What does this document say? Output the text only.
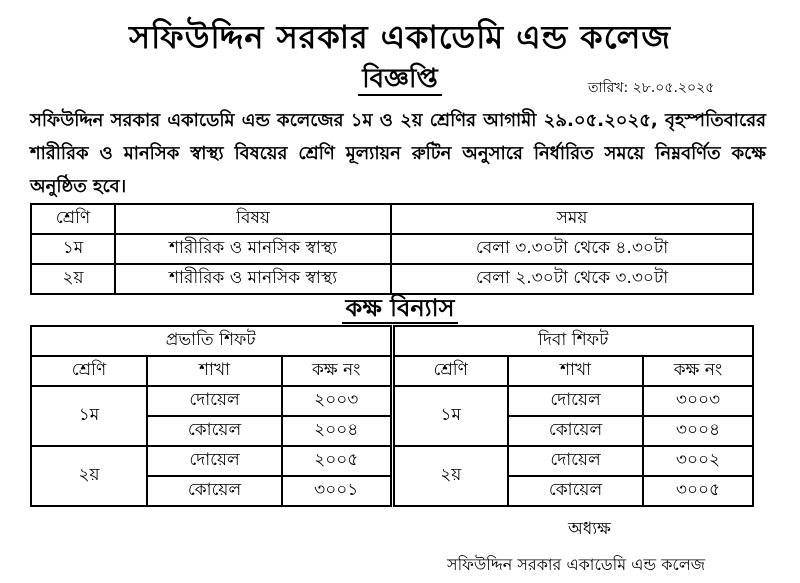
সফিউদ্দিন সরকার একাডেমি এন্ড কলেজ
বিজ্ঞপ্তি	তারিখ: ২৮.০৫.২০২৫
সফিউদ্দিন সরকার একাডেমি এন্ড কলেজের ১ম ও ২য় শ্রেণির আগামী ২৯.০৫.২০২৫, বৃহস্পতিবারের শারীরিক ও মানসিক স্বাস্থ্য বিষয়ের শ্রেণি মূল্যায়ন রুটিন অনুসারে নির্ধারিত সময়ে নিম্নবর্ণিত কক্ষে অনুষ্ঠিত হবে।
শ্রেণি	বিষয়	সময়
১ম	শারীরিক ও মানসিক স্বাস্থ্য	বেলা ৩.৩০টা থেকে ৪.৩০টা
২য়	শারীরিক ও মানসিক স্বাস্থ্য	বেলা ২.৩০টা থেকে ৩.৩০টা
কক্ষ বিন্যাস
প্রভাতি শিফট			দিবা শিফট		
শ্রেণি	শাখা	কক্ষ নং	শ্রেণি	শাখা	কক্ষ নং
১ম	দোয়েল	২০০৩	১ম	দোয়েল	৩০০৩
	কোয়েল	২০০৪		কোয়েল	৩০০৪
২য়	দোয়েল	২০০৫	২য়	দোয়েল	৩০০২
	কোয়েল	৩০০১		কোয়েল	৩০০৫
অধ্যক্ষ
সফিউদ্দিন সরকার একাডেমি এন্ড কলেজ
